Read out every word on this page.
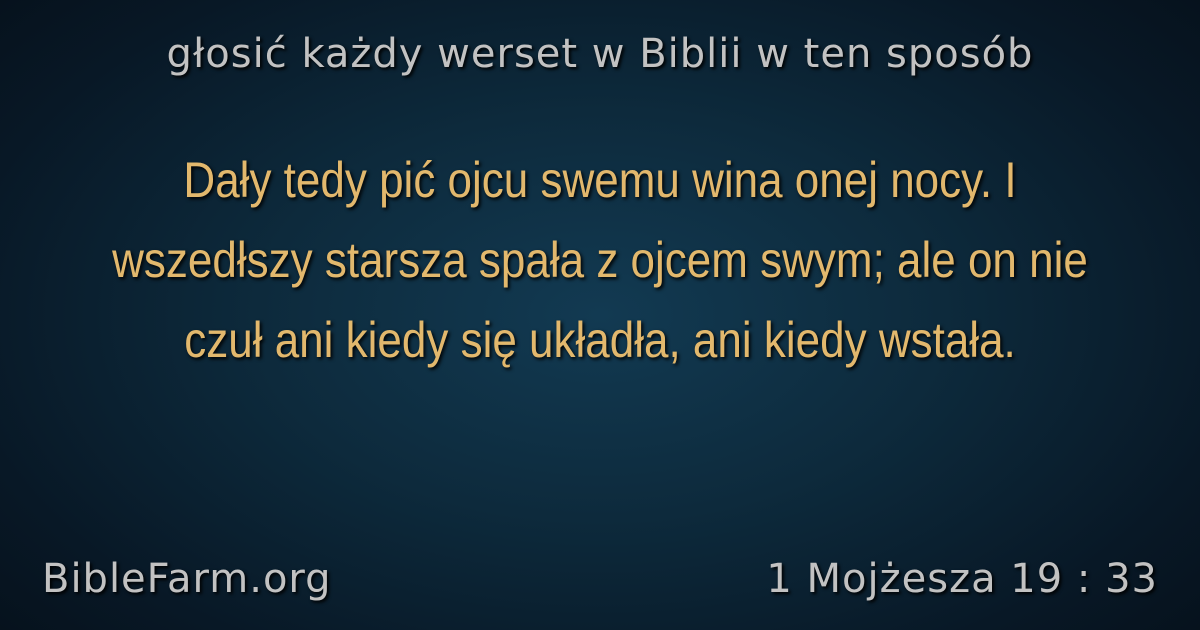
głosić każdy werset w Biblii w ten sposób
Dały tedy pić ojcu swemu wina onej nocy. I wszedłszy starsza spała z ojcem swym; ale on nie czuł ani kiedy się układła, ani kiedy wstała.
BibleFarm.org	1 Mojżesza 19 : 33
